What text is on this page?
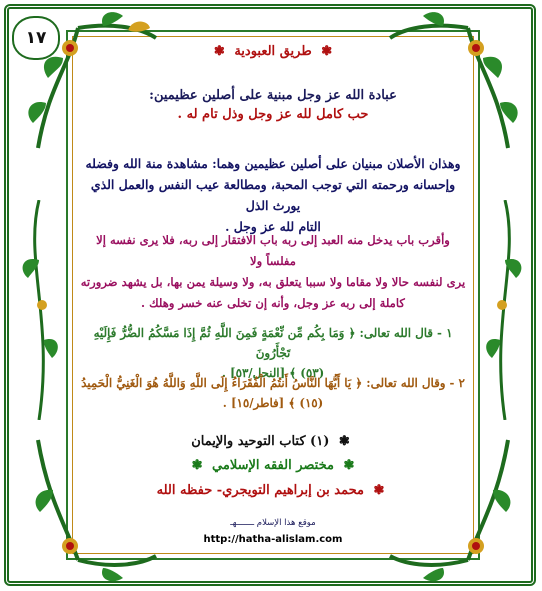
١٧
❃ طريق العبودية ❃

عبادة الله عز وجل مبنية على أصلين عظيمين:

حب كامل لله عز وجل وذل تام له .

وهذان الأصلان مبنيان على أصلين عظيمين وهما: مشاهدة منة الله وفضله

وإحسانه ورحمته التي توجب المحبة، ومطالعة عيب النفس والعمل الذي يورث الذل

التام لله عز وجل .

وأقرب باب يدخل منه العبد إلى ربه باب الافتقار إلى ربه، فلا يرى نفسه إلا مفلساً ولا

يرى لنفسه حالا ولا مقاما ولا سببا يتعلق به، ولا وسيلة يمن بها، بل يشهد ضرورته

كاملة إلى ربه عز وجل، وأنه إن تخلى عنه خسر وهلك .

١ - قال الله تعالى: ﴿ وَمَا بِكُم مِّن نِّعْمَةٍ فَمِنَ اللَّهِ ثُمَّ إِذَا مَسَّكُمُ الضُّرُّ فَإِلَيْهِ تَجْأَرُونَ

(٥٣) ﴾ [النحل/٥٣] .

٢ - وقال الله تعالى: ﴿ يَا أَيُّهَا النَّاسُ أَنتُمُ الْفُقَرَاءُ إِلَى اللَّهِ وَاللَّهُ هُوَ الْغَنِيُّ الْحَمِيدُ

(١٥) ﴾ [فاطر/١٥] .

❃ (١) كتاب التوحيد والإيمان
❃ مختصر الفقه الإسلامي ❃
❃ محمد بن إبراهيم التويجري- حفظه الله
موقع هذا الإسلام ـــــــهـ
http://hatha-alislam.com
